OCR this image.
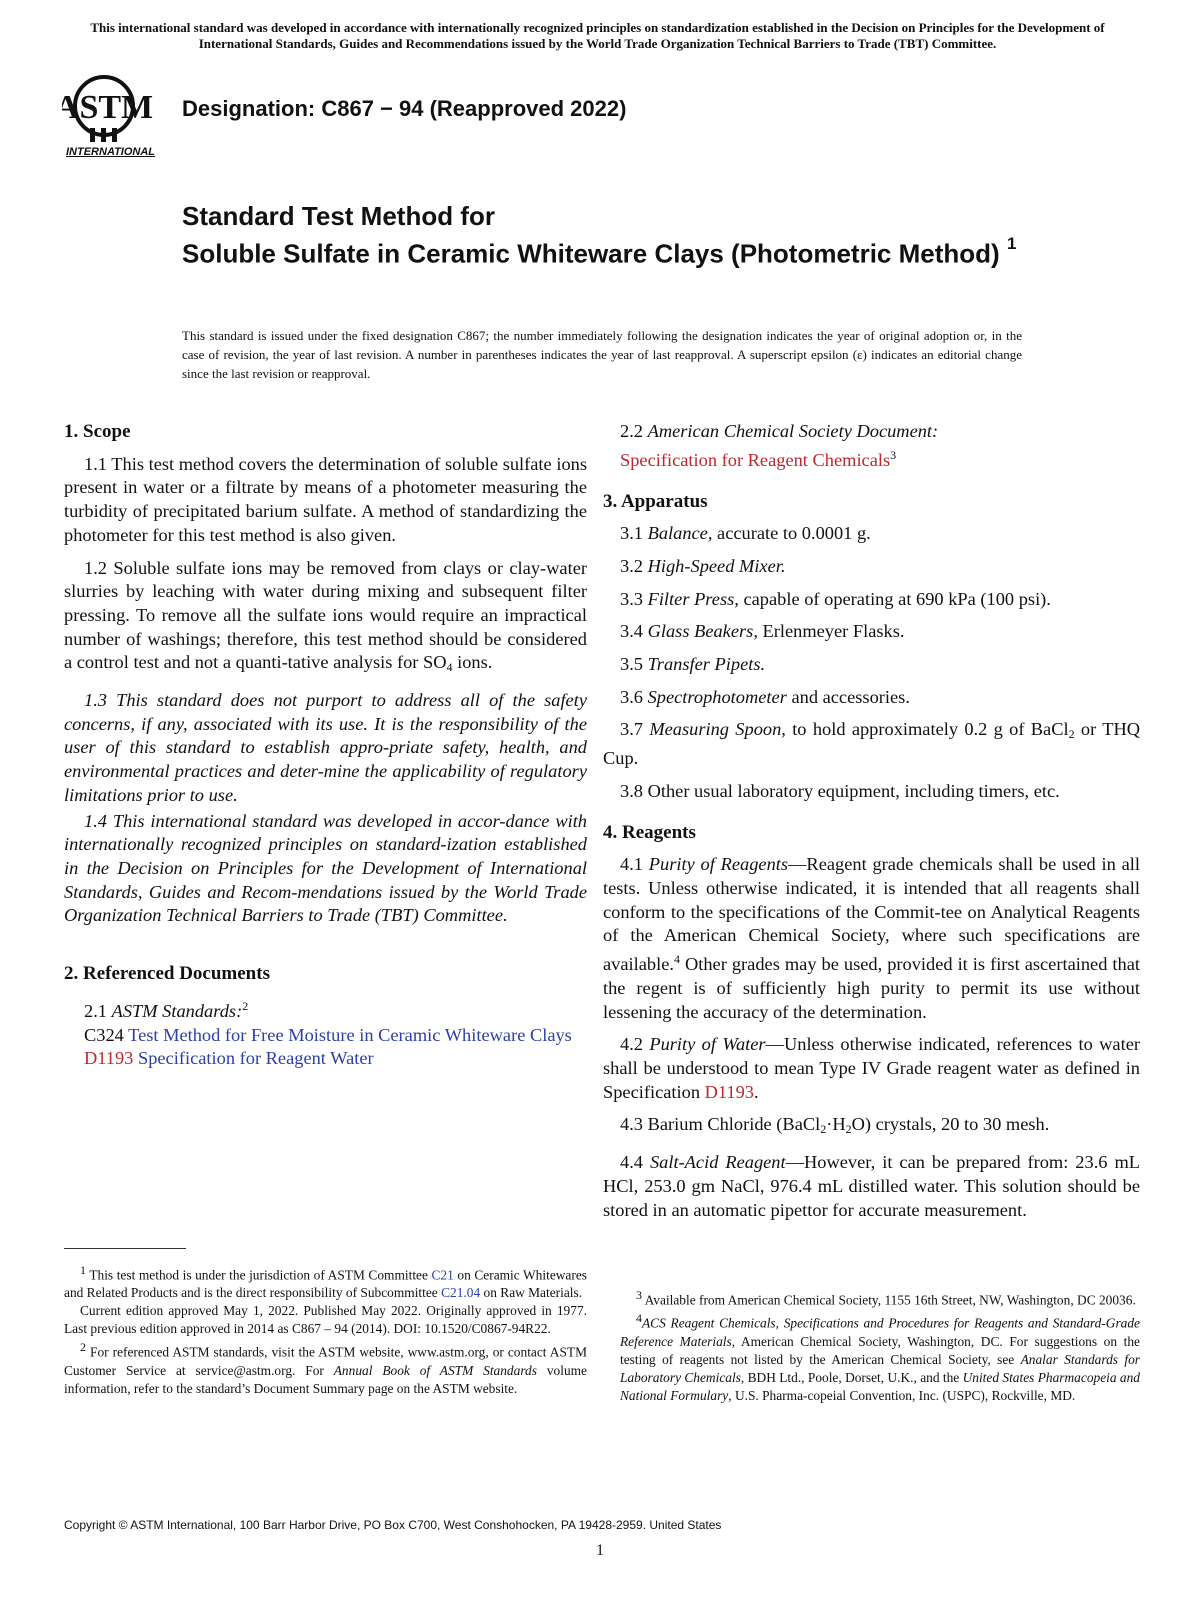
This international standard was developed in accordance with internationally recognized principles on standardization established in the Decision on Principles for the Development of International Standards, Guides and Recommendations issued by the World Trade Organization Technical Barriers to Trade (TBT) Committee.
ASTM
INTERNATIONAL
Designation: C867 − 94 (Reapproved 2022)
Standard Test Method for
Soluble Sulfate in Ceramic Whiteware Clays (Photometric Method) $^1$
This standard is issued under the fixed designation C867; the number immediately following the designation indicates the year of original adoption or, in the case of revision, the year of last revision. A number in parentheses indicates the year of last reapproval. A superscript epsilon (ε) indicates an editorial change since the last revision or reapproval.
1. Scope

1.1 This test method covers the determination of soluble sulfate ions present in water or a filtrate by means of a photometer measuring the turbidity of precipitated barium sulfate. A method of standardizing the photometer for this test method is also given.

1.2 Soluble sulfate ions may be removed from clays or clay-water slurries by leaching with water during mixing and subsequent filter pressing. To remove all the sulfate ions would require an impractical number of washings; therefore, this test method should be considered a control test and not a quanti-tative analysis for $SO_4$ ions.

1.3 This standard does not purport to address all of the safety concerns, if any, associated with its use. It is the responsibility of the user of this standard to establish appro-priate safety, health, and environmental practices and deter-mine the applicability of regulatory limitations prior to use.

1.4 This international standard was developed in accor-dance with internationally recognized principles on standard-ization established in the Decision on Principles for the Development of International Standards, Guides and Recom-mendations issued by the World Trade Organization Technical Barriers to Trade (TBT) Committee.

2. Referenced Documents

2.1 ASTM Standards:$^2$

C324 Test Method for Free Moisture in Ceramic Whiteware Clays

D1193 Specification for Reagent Water

2.2 American Chemical Society Document:

Specification for Reagent Chemicals$^3$

3. Apparatus

3.1 Balance, accurate to 0.0001 g.

3.2 High-Speed Mixer.

3.3 Filter Press, capable of operating at 690 kPa (100 psi).

3.4 Glass Beakers, Erlenmeyer Flasks.

3.5 Transfer Pipets.

3.6 Spectrophotometer and accessories.

3.7 Measuring Spoon, to hold approximately 0.2 g of BaCl$_2$ or THQ Cup.

3.8 Other usual laboratory equipment, including timers, etc.

4. Reagents

4.1 Purity of Reagents—Reagent grade chemicals shall be used in all tests. Unless otherwise indicated, it is intended that all reagents shall conform to the specifications of the Commit-tee on Analytical Reagents of the American Chemical Society, where such specifications are available.$^4$ Other grades may be used, provided it is first ascertained that the regent is of sufficiently high purity to permit its use without lessening the accuracy of the determination.

4.2 Purity of Water—Unless otherwise indicated, references to water shall be understood to mean Type IV Grade reagent water as defined in Specification D1193.

4.3 Barium Chloride $(BaCl_2\cdot H_2O)$ crystals, 20 to 30 mesh.

4.4 Salt-Acid Reagent—However, it can be prepared from: 23.6 mL HCl, 253.0 gm NaCl, 976.4 mL distilled water. This solution should be stored in an automatic pipettor for accurate measurement.

$^1$ This test method is under the jurisdiction of ASTM Committee C21 on Ceramic Whitewares and Related Products and is the direct responsibility of Subcommittee C21.04 on Raw Materials.

Current edition approved May 1, 2022. Published May 2022. Originally approved in 1977. Last previous edition approved in 2014 as C867 – 94 (2014). DOI: 10.1520/C0867-94R22.

$^2$ For referenced ASTM standards, visit the ASTM website, www.astm.org, or contact ASTM Customer Service at service@astm.org. For Annual Book of ASTM Standards volume information, refer to the standard’s Document Summary page on the ASTM website.

$^3$ Available from American Chemical Society, 1155 16th Street, NW, Washington, DC 20036.

$^4$ACS Reagent Chemicals, Specifications and Procedures for Reagents and Standard-Grade Reference Materials, American Chemical Society, Washington, DC. For suggestions on the testing of reagents not listed by the American Chemical Society, see Analar Standards for Laboratory Chemicals, BDH Ltd., Poole, Dorset, U.K., and the United States Pharmacopeia and National Formulary, U.S. Pharma-copeial Convention, Inc. (USPC), Rockville, MD.

Copyright © ASTM International, 100 Barr Harbor Drive, PO Box C700, West Conshohocken, PA 19428-2959. United States
1
